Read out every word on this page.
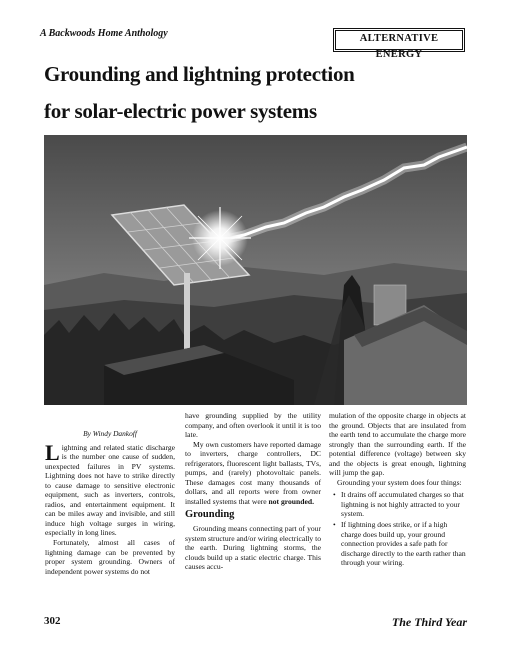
A Backwoods Home Anthology	ALTERNATIVE ENERGY
Grounding and lightning protection
for solar-electric power systems
By Windy Dankoff

Lightning and related static discharge is the number one cause of sudden, unexpected failures in PV systems. Lightning does not have to strike directly to cause damage to sensitive electronic equipment, such as inverters, controls, radios, and entertainment equipment. It can be miles away and invisible, and still induce high voltage surges in wiring, especially in long lines.

Fortunately, almost all cases of lightning damage can be prevented by proper system grounding. Owners of independent power systems do not

have grounding supplied by the utility company, and often overlook it until it is too late.

My own customers have reported damage to inverters, charge controllers, DC refrigerators, fluorescent light ballasts, TVs, pumps, and (rarely) photovoltaic panels. These damages cost many thousands of dollars, and all reports were from owner installed systems that were not grounded.

Grounding

Grounding means connecting part of your system structure and/or wiring electrically to the earth. During lightning storms, the clouds build up a static electric charge. This causes accu-

mulation of the opposite charge in objects at the ground. Objects that are insulated from the earth tend to accumulate the charge more strongly than the surrounding earth. If the potential difference (voltage) between sky and the objects is great enough, lightning will jump the gap.

Grounding your system does four things:

• It drains off accumulated charges so that lightning is not highly attracted to your system.
• If lightning does strike, or if a high charge does build up, your ground connection provides a safe path for discharge directly to the earth rather than through your wiring.
302	The Third Year
